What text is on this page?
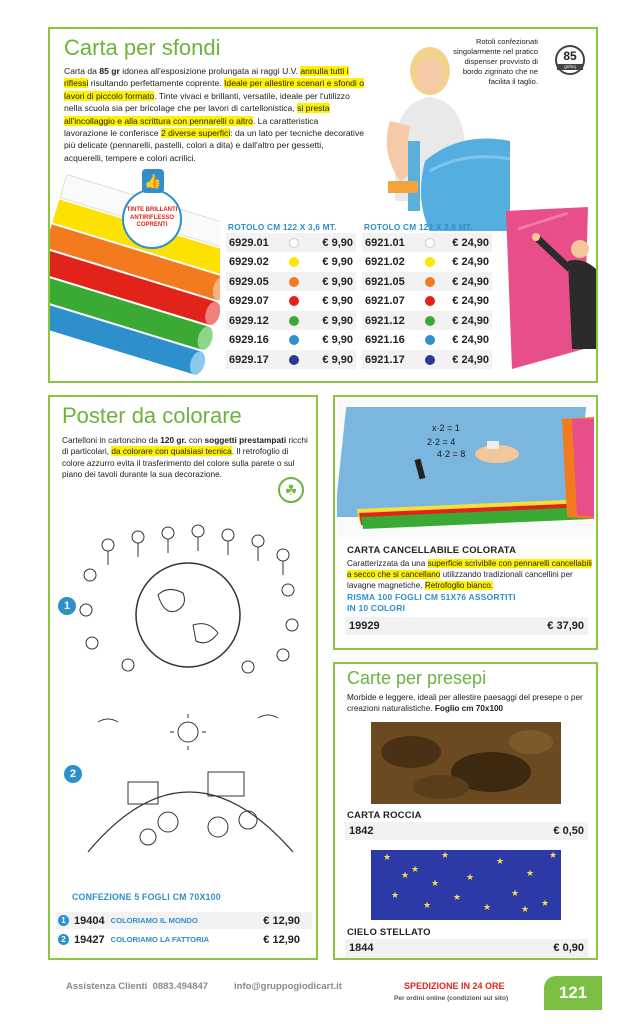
Carta per sfondi
Carta da 85 gr idonea all'esposizione prolungata ai raggi U.V. annulla tutti i riflessi risultando perfettamente coprente. Ideale per allestire scenari e sfondi o lavori di piccolo formato. Tinte vivaci e brillanti, versatile, ideale per l'utilizzo nella scuola sia per bricolage che per lavori di cartellonistica, si presta all'incollaggio e alla scrittura con pennarelli o altro. La caratteristica lavorazione le conferisce 2 diverse superfici: da un lato per tecniche decorative più delicate (pennarelli, pastelli, colori a dita) e dall'altro per gessetti, acquerelli, tempere e colori acrilici.
Rotoli confezionati singolarmente nel pratico dispenser provvisto di bordo zigrinato che ne facilita il taglio.
85
gr/mq
TINTE BRILLANTI ANTIRIFLESSO COPRENTI
👍
ROTOLO CM 122 X 3,6 MT.	ROTOLO CM 122 X 3,6 MT.
6929.01	€ 9,90
6929.02	€ 9,90
6929.05	€ 9,90
6929.07	€ 9,90
6929.12	€ 9,90
6929.16	€ 9,90
6929.17	€ 9,90
6921.01	€ 24,90
6921.02	€ 24,90
6921.05	€ 24,90
6921.07	€ 24,90
6921.12	€ 24,90
6921.16	€ 24,90
6921.17	€ 24,90
Poster da colorare
Cartelloni in cartoncino da 120 gr. con soggetti prestampati ricchi di particolari, da colorare con qualsiasi tecnica. Il retrofoglio di colore azzurro evita il trasferimento del colore sulla parete o sul piano dei tavoli durante la sua decorazione.
☘
1
2
CONFEZIONE 5 FOGLI CM 70X100
1 19404 COLORIAMO IL MONDO	€ 12,90
2 19427 COLORIAMO LA FATTORIA	€ 12,90
x·2 = 1
2·2 = 4
4·2 = 8
CARTA CANCELLABILE COLORATA
Caratterizzata da una superficie scrivibile con pennarelli cancellabili a secco che si cancellano utilizzando tradizionali cancellini per lavagne magnetiche. Retrofoglio bianco.
RISMA 100 FOGLI CM 51X76 ASSORTITI
IN 10 COLORI
19929	€ 37,90
Carte per presepi
Morbide e leggere, ideali per allestire paesaggi del presepe o per creazioni naturalistiche. Foglio cm 70x100
CARTA ROCCIA
1842	€ 0,50
★
★
★
★
★
★
★
★
★
★
★
★
★
★
★
★
CIELO STELLATO
1844	€ 0,90
Assistenza Clienti  0883.494847	info@gruppogiodicart.it	SPEDIZIONE IN 24 ORE
Per ordini online (condizioni sul sito)	121
